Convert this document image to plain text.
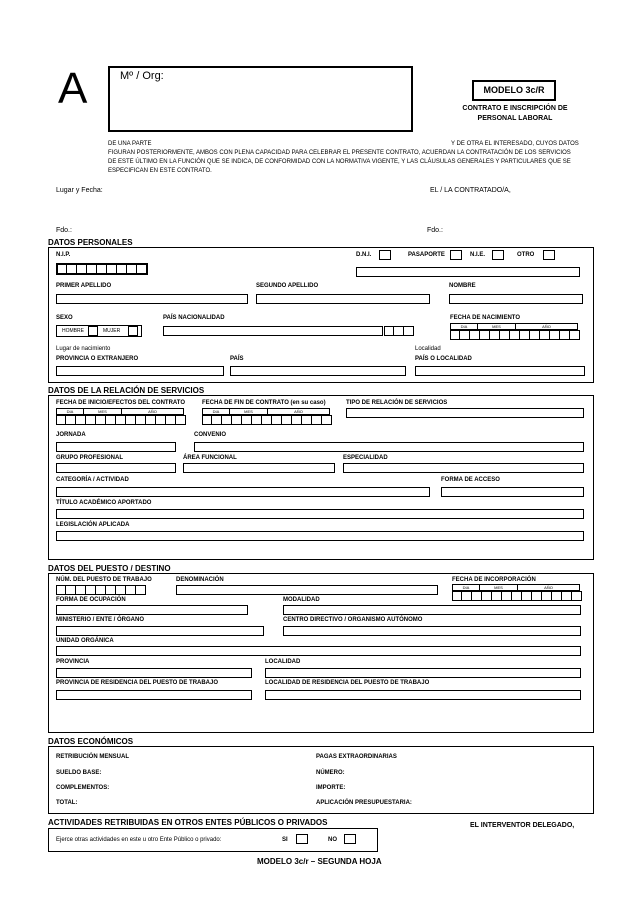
A	Mº / Org:
MODELO 3c/R
CONTRATO E INSCRIPCIÓN DE
PERSONAL LABORAL
DE UNA PARTE	Y DE OTRA EL INTERESADO, CUYOS DATOS
FIGURAN POSTERIORMENTE, AMBOS CON PLENA CAPACIDAD PARA CELEBRAR EL PRESENTE CONTRATO, ACUERDAN LA CONTRATACIÓN DE LOS SERVICIOS
DE ESTE ÚLTIMO EN LA FUNCIÓN QUE SE INDICA, DE CONFORMIDAD CON LA NORMATIVA VIGENTE, Y LAS CLÁUSULAS GENERALES Y PARTICULARES QUE SE
ESPECIFICAN EN ESTE CONTRATO.
Lugar y Fecha:	EL / LA CONTRATADO/A,
Fdo.:	Fdo.:
DATOS PERSONALES
N.I.P.	D.N.I.	PASAPORTE	N.I.E.	OTRO
PRIMER APELLIDO	SEGUNDO APELLIDO	NOMBRE
SEXO
HOMBRE	MUJER
PAÍS NACIONALIDAD	FECHA DE NACIMIENTO
DIA	MES	AÑO
Lugar de nacimiento	Localidad
PROVINCIA O EXTRANJERO	PAÍS	PAÍS O LOCALIDAD
DATOS DE LA RELACIÓN DE SERVICIOS
FECHA DE INICIO/EFECTOS DEL CONTRATO
DIA	MES	AÑO
FECHA DE FIN DE CONTRATO (en su caso)
DIA	MES	AÑO
TIPO DE RELACIÓN DE SERVICIOS
JORNADA	CONVENIO
GRUPO PROFESIONAL	ÁREA FUNCIONAL	ESPECIALIDAD
CATEGORÍA / ACTIVIDAD	FORMA DE ACCESO
TÍTULO ACADÉMICO APORTADO
LEGISLACIÓN APLICADA
DATOS DEL PUESTO / DESTINO
NÚM. DEL PUESTO DE TRABAJO	DENOMINACIÓN	FECHA DE INCORPORACIÓN
DIA	MES	AÑO
FORMA DE OCUPACIÓN	MODALIDAD
MINISTERIO / ENTE / ÓRGANO	CENTRO DIRECTIVO / ORGANISMO AUTÓNOMO
UNIDAD ORGÁNICA
PROVINCIA	LOCALIDAD
PROVINCIA DE RESIDENCIA DEL PUESTO DE TRABAJO	LOCALIDAD DE RESIDENCIA DEL PUESTO DE TRABAJO
DATOS ECONÓMICOS
RETRIBUCIÓN MENSUAL	PAGAS EXTRAORDINARIAS
SUELDO BASE:	NÚMERO:
COMPLEMENTOS:	IMPORTE:
TOTAL:	APLICACIÓN PRESUPUESTARIA:
ACTIVIDADES RETRIBUIDAS EN OTROS ENTES PÚBLICOS O PRIVADOS
Ejerce otras actividades en este u otro Ente Público o privado:	SI	NO
EL INTERVENTOR DELEGADO,
MODELO 3c/r – SEGUNDA HOJA
